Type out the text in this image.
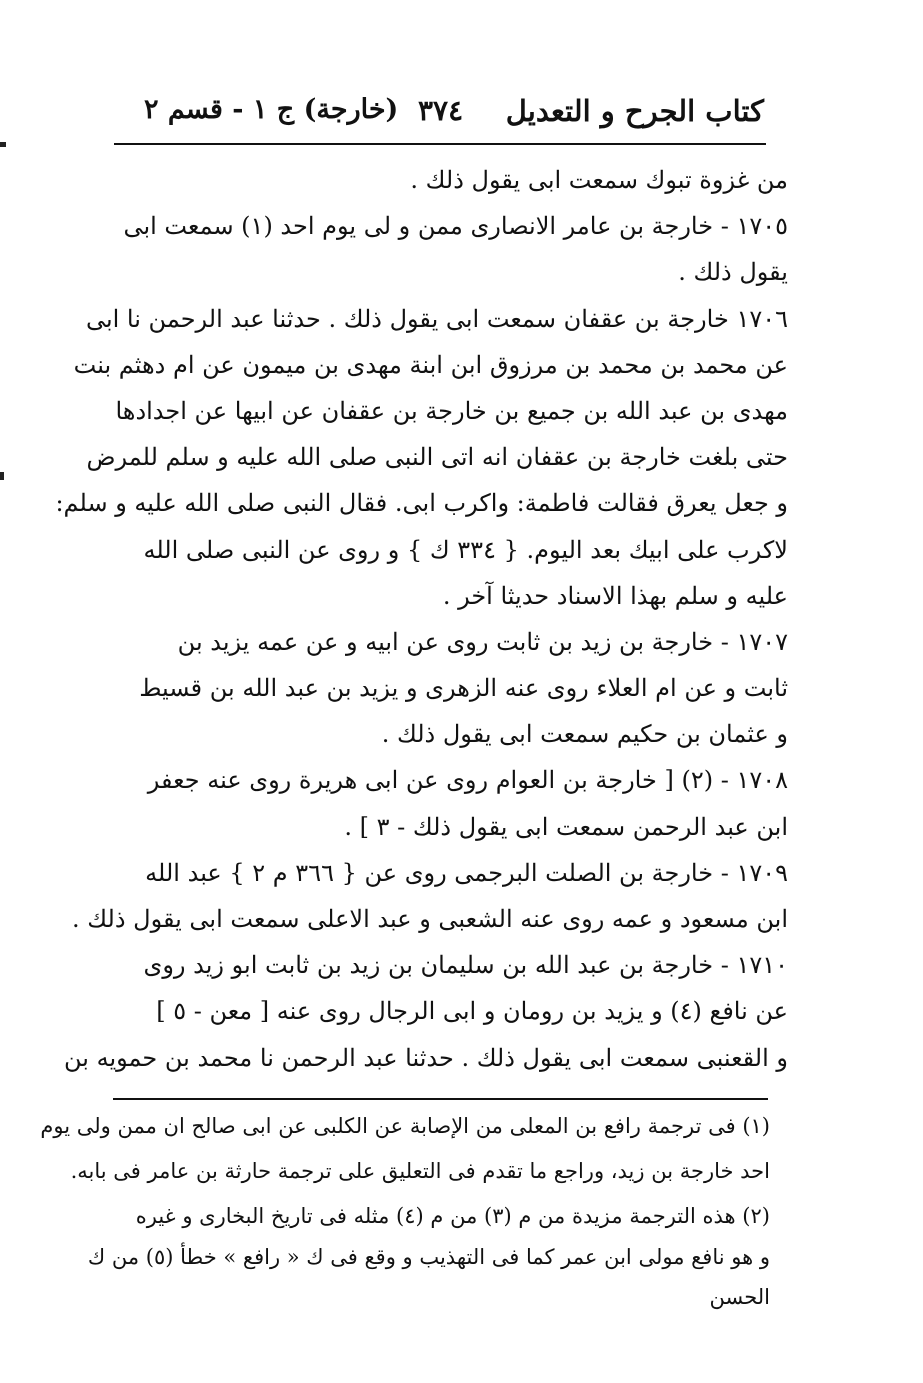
كتاب الجرح و التعديل
٣٧٤
(خارجة) ج ١ - قسم ٢
من غزوة تبوك سمعت ابى يقول ذلك .
١٧٠٥ - خارجة بن عامر الانصارى ممن و لى يوم احد (١) سمعت ابى
يقول ذلك .
١٧٠٦ خارجة بن عقفان سمعت ابى يقول ذلك . حدثنا عبد الرحمن نا ابى
عن محمد بن محمد بن مرزوق ابن ابنة مهدى بن ميمون عن ام دهثم بنت
مهدى بن عبد الله بن جميع بن خارجة بن عقفان عن ابيها عن اجدادها
حتى بلغت خارجة بن عقفان انه اتى النبى صلى الله عليه و سلم للمرض
و جعل يعرق فقالت فاطمة: واكرب ابى. فقال النبى صلى الله عليه و سلم:
لاكرب على ابيك بعد اليوم. { ٣٣٤ ك } و روى عن النبى صلى الله
عليه و سلم بهذا الاسناد حديثا آخر .
١٧٠٧ - خارجة بن زيد بن ثابت روى عن ابيه و عن عمه يزيد بن
ثابت و عن ام العلاء روى عنه الزهرى و يزيد بن عبد الله بن قسيط
و عثمان بن حكيم سمعت ابى يقول ذلك .
١٧٠٨ - (٢) [ خارجة بن العوام روى عن ابى هريرة روى عنه جعفر
ابن عبد الرحمن سمعت ابى يقول ذلك - ٣ ] .
١٧٠٩ - خارجة بن الصلت البرجمى روى عن { ٣٦٦ م ٢ } عبد الله
ابن مسعود و عمه روى عنه الشعبى و عبد الاعلى سمعت ابى يقول ذلك .
١٧١٠ - خارجة بن عبد الله بن سليمان بن زيد بن ثابت ابو زيد روى
عن نافع (٤) و يزيد بن رومان و ابى الرجال روى عنه [ معن - ٥ ]
و القعنبى سمعت ابى يقول ذلك . حدثنا عبد الرحمن نا محمد بن حمويه بن
(١) فى ترجمة رافع بن المعلى من الإصابة عن الكلبى عن ابى صالح ان ممن ولى يوم
احد خارجة بن زيد، وراجع ما تقدم فى التعليق على ترجمة حارثة بن عامر فى بابه.
(٢) هذه الترجمة مزيدة من م (٣) من م (٤) مثله فى تاريخ البخارى و غيره
و هو نافع مولى ابن عمر كما فى التهذيب و وقع فى ك « رافع » خطأ (٥) من ك
الحسن
